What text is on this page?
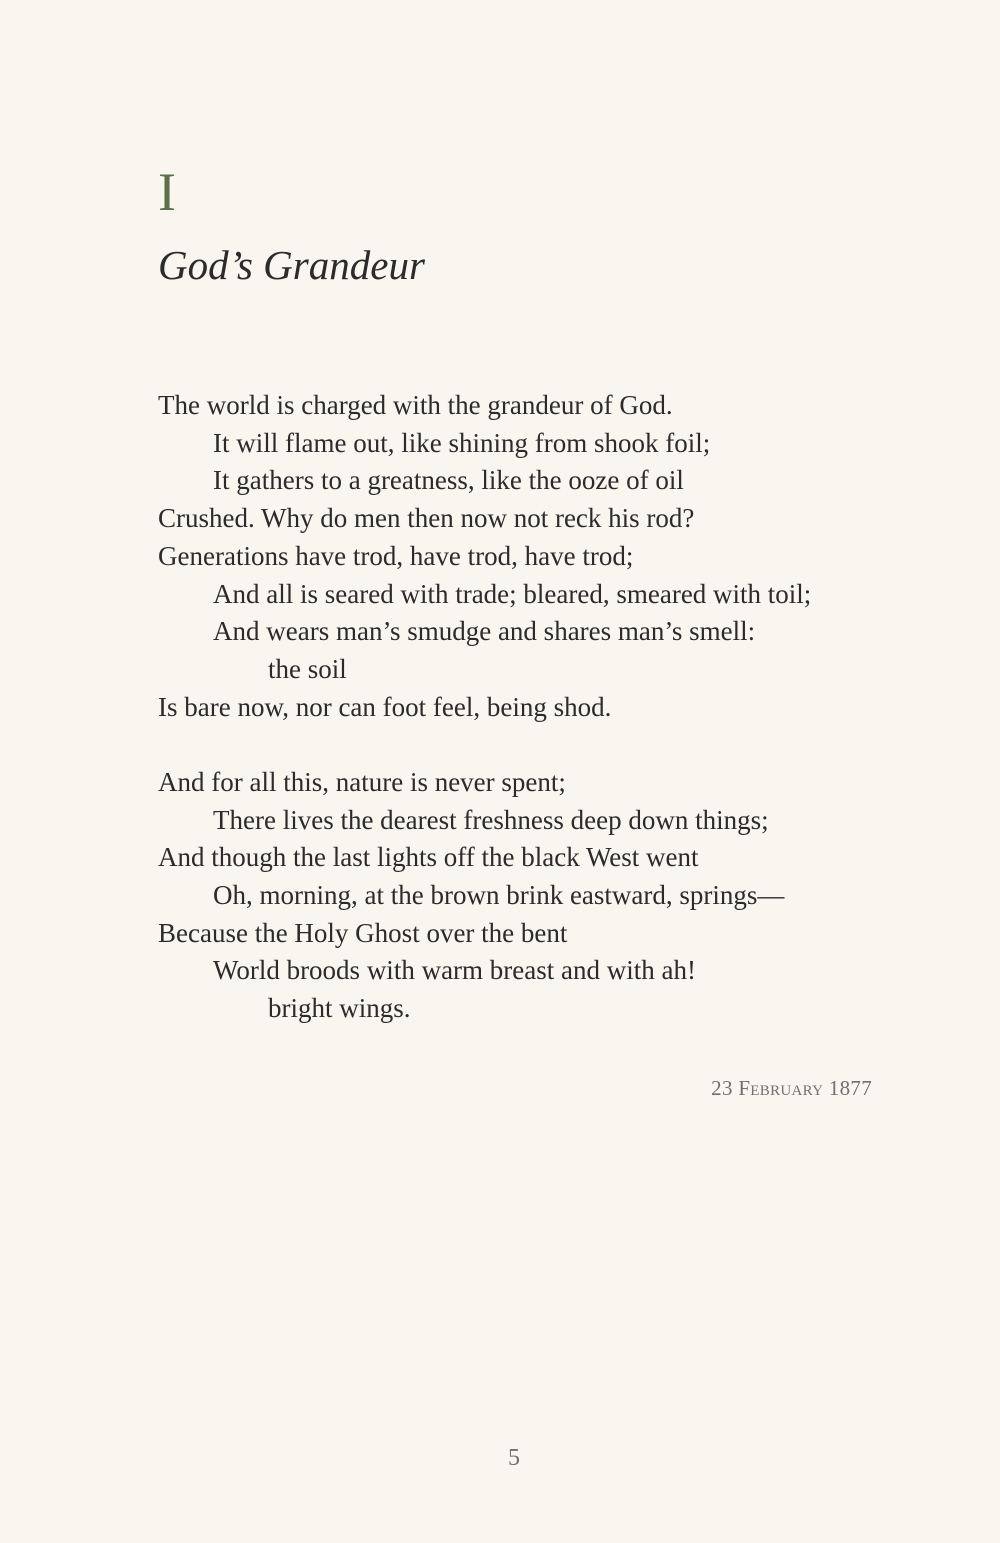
I
God’s Grandeur
The world is charged with the grandeur of God.
It will flame out, like shining from shook foil;
It gathers to a greatness, like the ooze of oil
Crushed. Why do men then now not reck his rod?
Generations have trod, have trod, have trod;
And all is seared with trade; bleared, smeared with toil;
And wears man’s smudge and shares man’s smell:
the soil
Is bare now, nor can foot feel, being shod.
And for all this, nature is never spent;
There lives the dearest freshness deep down things;
And though the last lights off the black West went
Oh, morning, at the brown brink eastward, springs—
Because the Holy Ghost over the bent
World broods with warm breast and with ah!
bright wings.
23 February 1877
5
